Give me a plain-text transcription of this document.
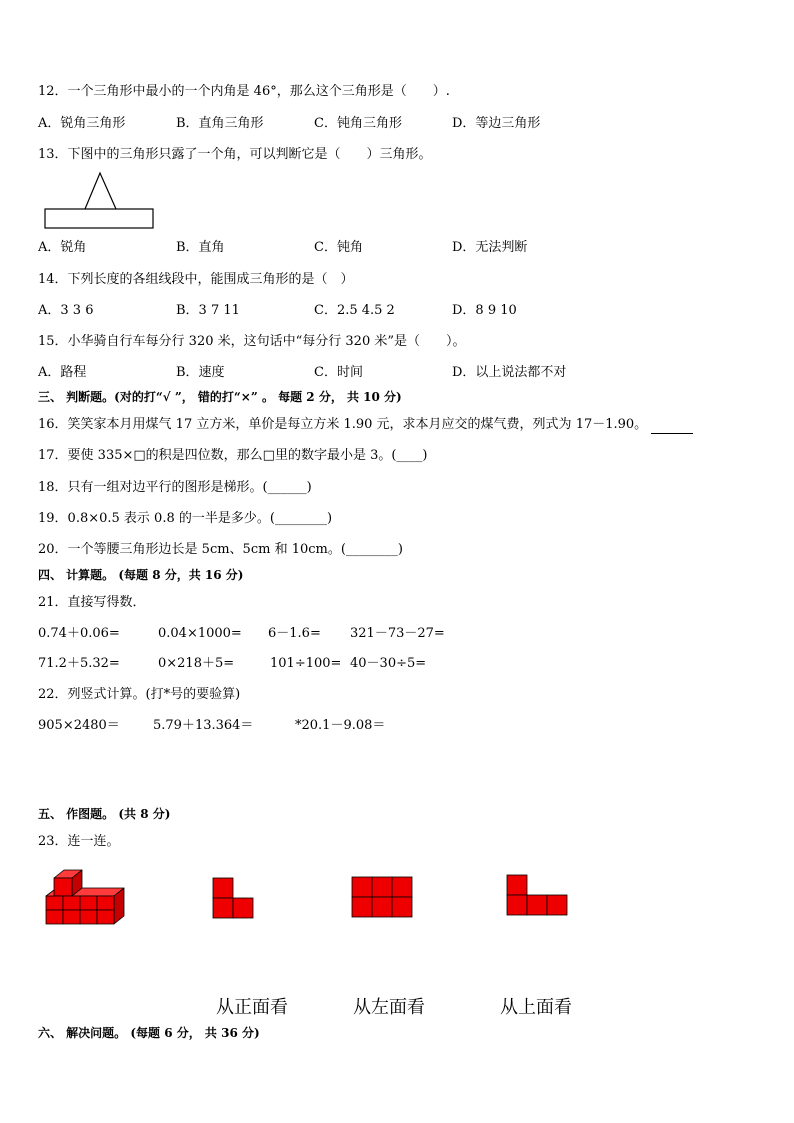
12．一个三角形中最小的一个内角是 46°，那么这个三角形是（　　）.
A．锐角三角形	B．直角三角形	C．钝角三角形	D．等边三角形
13．下图中的三角形只露了一个角，可以判断它是（　　）三角形。
A．锐角	B．直角	C．钝角	D．无法判断
14．下列长度的各组线段中，能围成三角形的是（　）
A．3 3 6	B．3 7 11	C．2.5 4.5 2	D．8 9 10
15．小华骑自行车每分行 320 米，这句话中“每分行 320 米”是（　　）。
A．路程	B．速度	C．时间	D．以上说法都不对
三、 判断题。(对的打“√ ”， 错的打“×” 。 每题 2 分， 共 10 分)
16．笑笑家本月用煤气 17 立方米，单价是每立方米 1.90 元，求本月应交的煤气费，列式为 17－1.90。
17．要使 335×□的积是四位数，那么□里的数字最小是 3。(____)
18．只有一组对边平行的图形是梯形。(______)
19．0.8×0.5 表示 0.8 的一半是多少。(________)
20．一个等腰三角形边长是 5cm、5cm 和 10cm。(________)
四、 计算题。 (每题 8 分，共 16 分)
21．直接写得数．
0.74＋0.06=	0.04×1000= 6－1.6= 321－73－27=
71.2＋5.32=	0×218＋5=	101÷100= 40－30÷5=
22．列竖式计算。(打*号的要验算)
905×2480＝	5.79＋13.364＝	*20.1－9.08＝
五、 作图题。 (共 8 分)
23．连一连。
从正面看	从左面看	从上面看
六、 解决问题。 (每题 6 分， 共 36 分)
